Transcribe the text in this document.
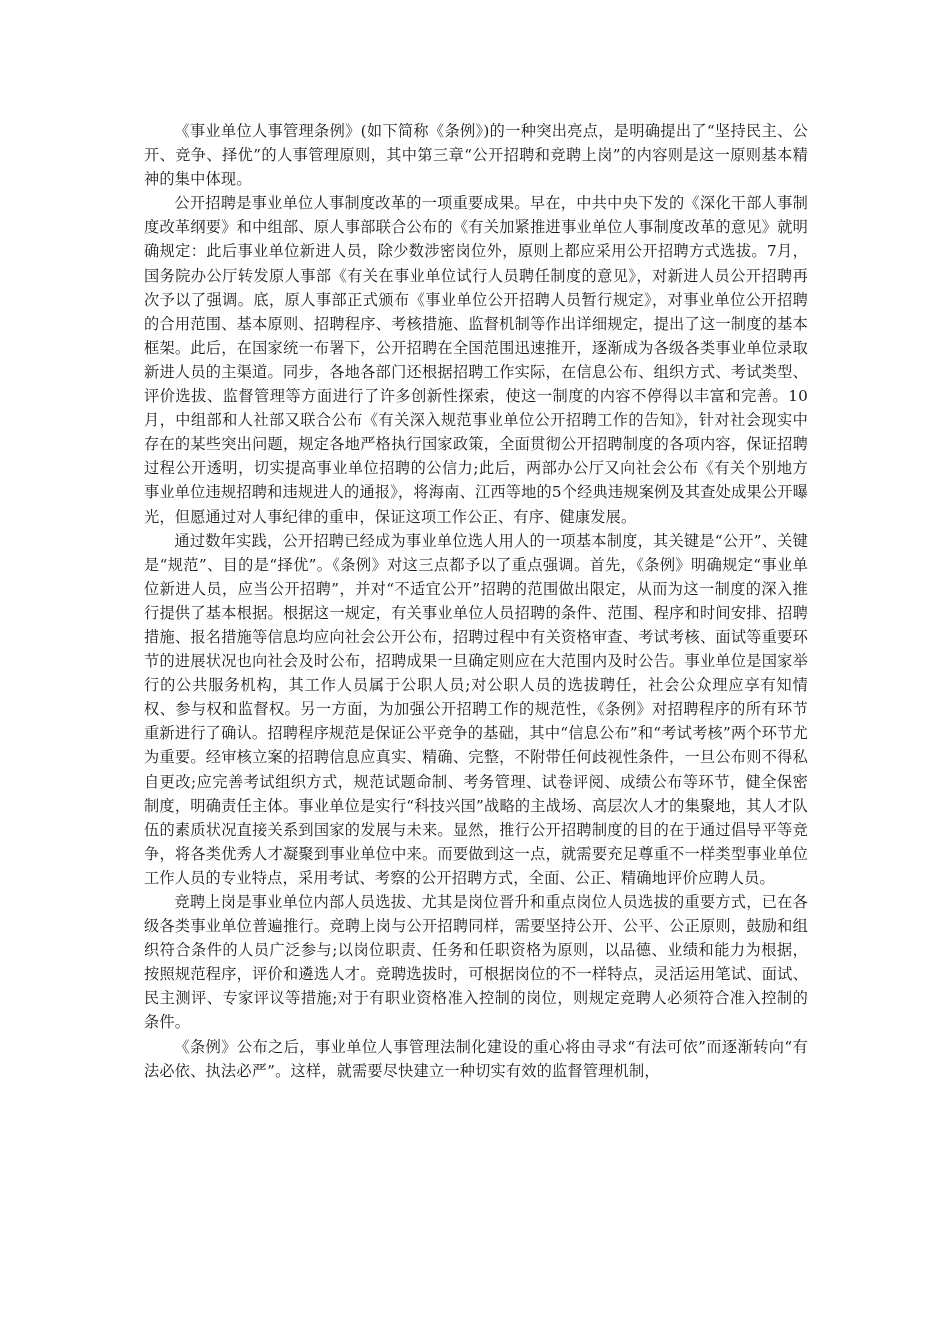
《事业单位人事管理条例》(如下简称《条例》)的一种突出亮点，是明确提出了“坚持民主、公开、竞争、择优”的人事管理原则，其中第三章“公开招聘和竞聘上岗”的内容则是这一原则基本精神的集中体现。

公开招聘是事业单位人事制度改革的一项重要成果。早在，中共中央下发的《深化干部人事制度改革纲要》和中组部、原人事部联合公布的《有关加紧推进事业单位人事制度改革的意见》就明确规定：此后事业单位新进人员，除少数涉密岗位外，原则上都应采用公开招聘方式选拔。7月，国务院办公厅转发原人事部《有关在事业单位试行人员聘任制度的意见》，对新进人员公开招聘再次予以了强调。底，原人事部正式颁布《事业单位公开招聘人员暂行规定》，对事业单位公开招聘的合用范围、基本原则、招聘程序、考核措施、监督机制等作出详细规定，提出了这一制度的基本框架。此后，在国家统一布署下，公开招聘在全国范围迅速推开，逐渐成为各级各类事业单位录取新进人员的主渠道。同步，各地各部门还根据招聘工作实际，在信息公布、组织方式、考试类型、评价选拔、监督管理等方面进行了许多创新性探索，使这一制度的内容不停得以丰富和完善。10月，中组部和人社部又联合公布《有关深入规范事业单位公开招聘工作的告知》，针对社会现实中存在的某些突出问题，规定各地严格执行国家政策，全面贯彻公开招聘制度的各项内容，保证招聘过程公开透明，切实提高事业单位招聘的公信力;此后，两部办公厅又向社会公布《有关个别地方事业单位违规招聘和违规进人的通报》，将海南、江西等地的5个经典违规案例及其查处成果公开曝光，但愿通过对人事纪律的重申，保证这项工作公正、有序、健康发展。

通过数年实践，公开招聘已经成为事业单位选人用人的一项基本制度，其关键是“公开”、关键是“规范”、目的是“择优”。《条例》对这三点都予以了重点强调。首先，《条例》明确规定“事业单位新进人员，应当公开招聘”，并对“不适宜公开”招聘的范围做出限定，从而为这一制度的深入推行提供了基本根据。根据这一规定，有关事业单位人员招聘的条件、范围、程序和时间安排、招聘措施、报名措施等信息均应向社会公开公布，招聘过程中有关资格审查、考试考核、面试等重要环节的进展状况也向社会及时公布，招聘成果一旦确定则应在大范围内及时公告。事业单位是国家举行的公共服务机构，其工作人员属于公职人员;对公职人员的选拔聘任，社会公众理应享有知情权、参与权和监督权。另一方面，为加强公开招聘工作的规范性，《条例》对招聘程序的所有环节重新进行了确认。招聘程序规范是保证公平竞争的基础，其中“信息公布”和“考试考核”两个环节尤为重要。经审核立案的招聘信息应真实、精确、完整，不附带任何歧视性条件，一旦公布则不得私自更改;应完善考试组织方式，规范试题命制、考务管理、试卷评阅、成绩公布等环节，健全保密制度，明确责任主体。事业单位是实行“科技兴国”战略的主战场、高层次人才的集聚地，其人才队伍的素质状况直接关系到国家的发展与未来。显然，推行公开招聘制度的目的在于通过倡导平等竞争，将各类优秀人才凝聚到事业单位中来。而要做到这一点，就需要充足尊重不一样类型事业单位工作人员的专业特点，采用考试、考察的公开招聘方式，全面、公正、精确地评价应聘人员。

竞聘上岗是事业单位内部人员选拔、尤其是岗位晋升和重点岗位人员选拔的重要方式，已在各级各类事业单位普遍推行。竞聘上岗与公开招聘同样，需要坚持公开、公平、公正原则，鼓励和组织符合条件的人员广泛参与;以岗位职责、任务和任职资格为原则，以品德、业绩和能力为根据，按照规范程序，评价和遴选人才。竞聘选拔时，可根据岗位的不一样特点，灵活运用笔试、面试、民主测评、专家评议等措施;对于有职业资格准入控制的岗位，则规定竞聘人必须符合准入控制的条件。

《条例》公布之后，事业单位人事管理法制化建设的重心将由寻求“有法可依”而逐渐转向“有法必依、执法必严”。这样，就需要尽快建立一种切实有效的监督管理机制，
